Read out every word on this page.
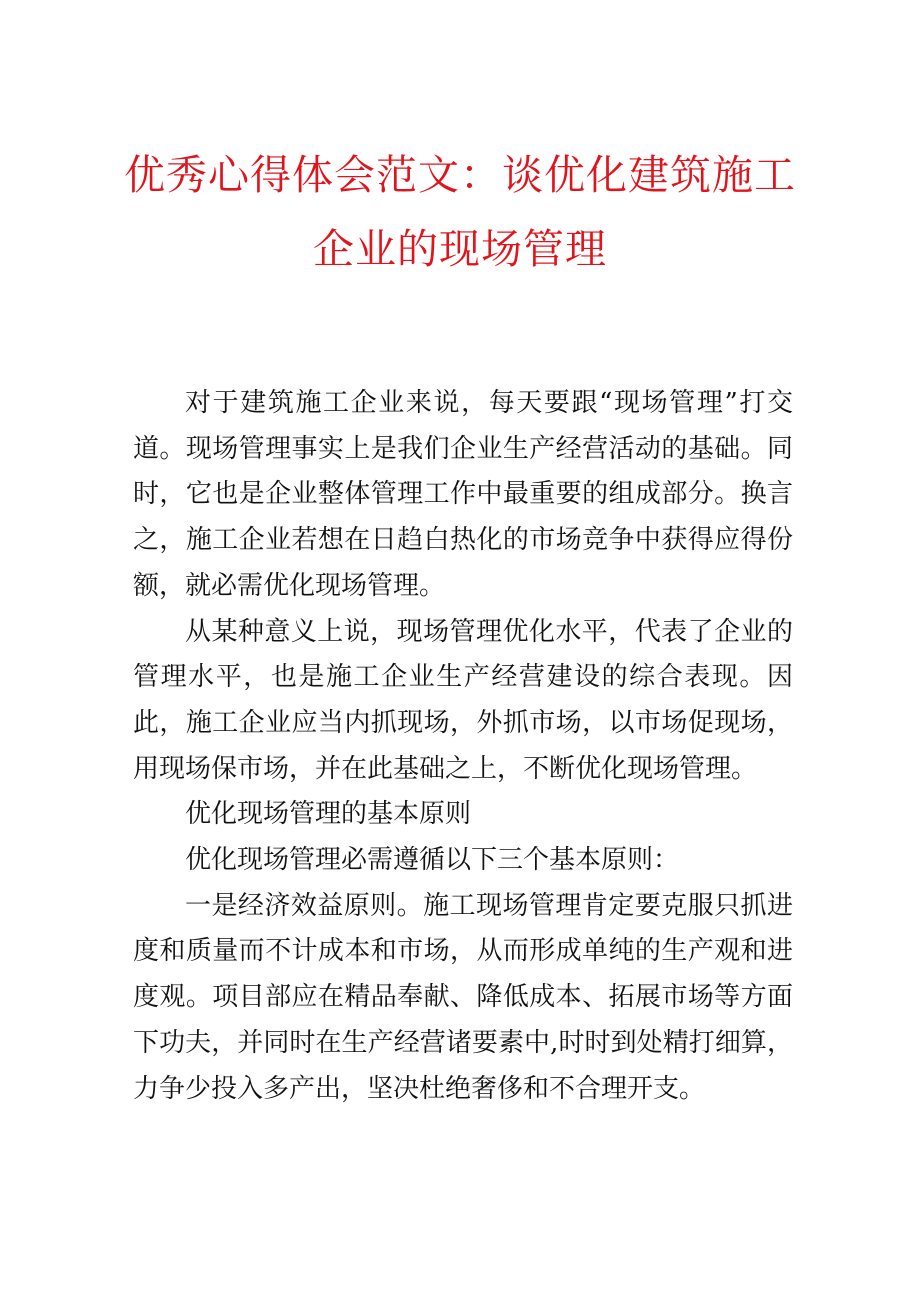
优秀心得体会范文：谈优化建筑施工
企业的现场管理

对于建筑施工企业来说，每天要跟“现场管理”打交道。现场管理事实上是我们企业生产经营活动的基础。同时，它也是企业整体管理工作中最重要的组成部分。换言之，施工企业若想在日趋白热化的市场竞争中获得应得份额，就必需优化现场管理。

从某种意义上说，现场管理优化水平，代表了企业的管理水平，也是施工企业生产经营建设的综合表现。因此，施工企业应当内抓现场，外抓市场，以市场促现场，用现场保市场，并在此基础之上，不断优化现场管理。

优化现场管理的基本原则

优化现场管理必需遵循以下三个基本原则：

一是经济效益原则。施工现场管理肯定要克服只抓进度和质量而不计成本和市场，从而形成单纯的生产观和进度观。项目部应在精品奉献、降低成本、拓展市场等方面下功夫，并同时在生产经营诸要素中,时时到处精打细算，力争少投入多产出，坚决杜绝奢侈和不合理开支。
